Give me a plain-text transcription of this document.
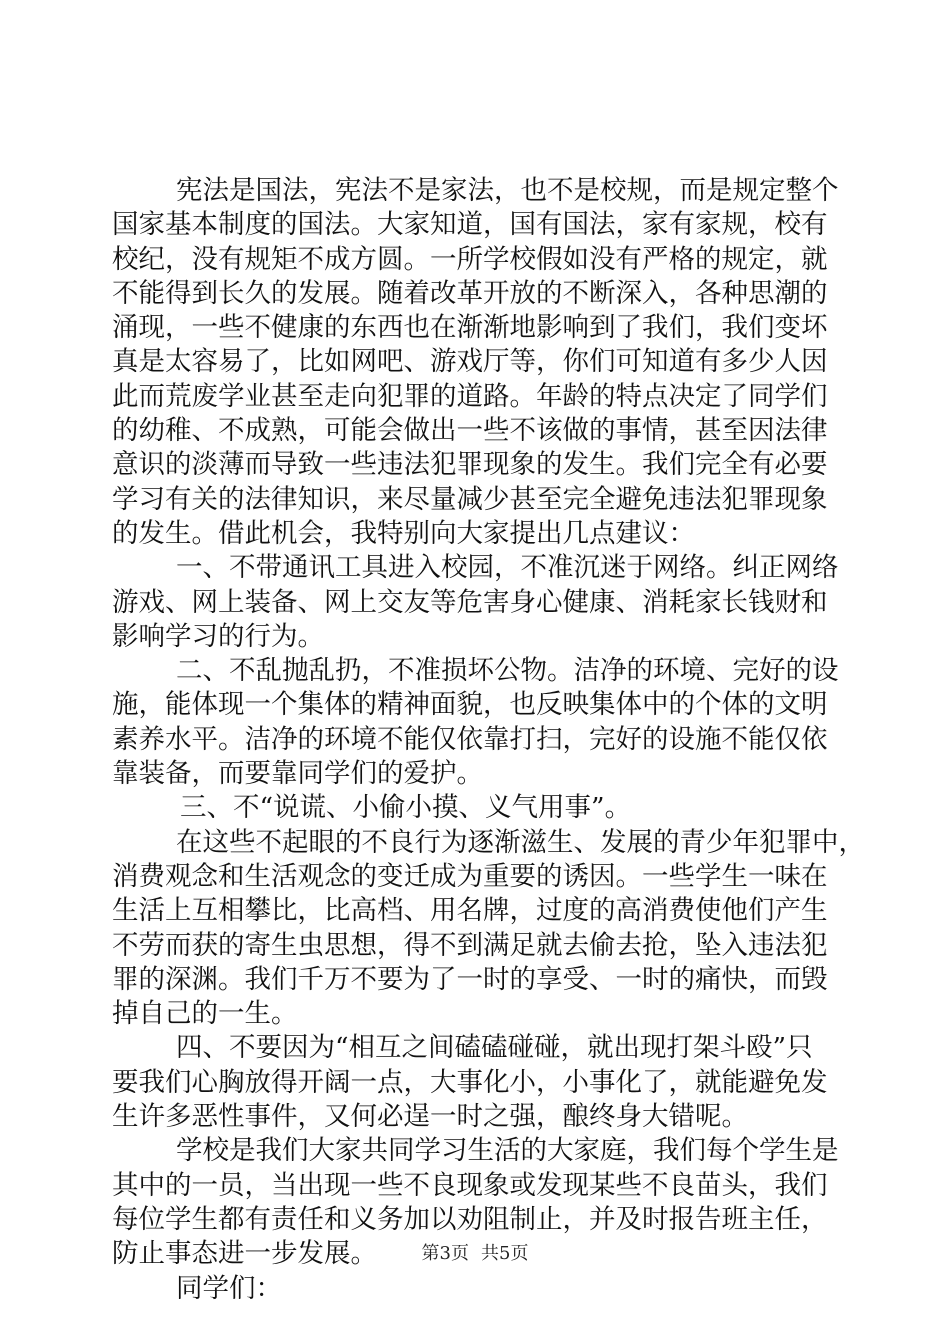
宪法是国法，宪法不是家法，也不是校规，而是规定整个
国家基本制度的国法。大家知道，国有国法，家有家规，校有
校纪，没有规矩不成方圆。一所学校假如没有严格的规定，就
不能得到长久的发展。随着改革开放的不断深入，各种思潮的
涌现，一些不健康的东西也在渐渐地影响到了我们，我们变坏
真是太容易了，比如网吧、游戏厅等，你们可知道有多少人因
此而荒废学业甚至走向犯罪的道路。年龄的特点决定了同学们
的幼稚、不成熟，可能会做出一些不该做的事情，甚至因法律
意识的淡薄而导致一些违法犯罪现象的发生。我们完全有必要
学习有关的法律知识，来尽量减少甚至完全避免违法犯罪现象
的发生。借此机会，我特别向大家提出几点建议：
一、不带通讯工具进入校园，不准沉迷于网络。纠正网络
游戏、网上装备、网上交友等危害身心健康、消耗家长钱财和
影响学习的行为。
二、不乱抛乱扔，不准损坏公物。洁净的环境、完好的设
施，能体现一个集体的精神面貌，也反映集体中的个体的文明
素养水平。洁净的环境不能仅依靠打扫，完好的设施不能仅依
靠装备，而要靠同学们的爱护。
三、不“说谎、小偷小摸、义气用事”。
在这些不起眼的不良行为逐渐滋生、发展的青少年犯罪中，
消费观念和生活观念的变迁成为重要的诱因。一些学生一味在
生活上互相攀比，比高档、用名牌，过度的高消费使他们产生
不劳而获的寄生虫思想，得不到满足就去偷去抢，坠入违法犯
罪的深渊。我们千万不要为了一时的享受、一时的痛快，而毁
掉自己的一生。
四、不要因为“相互之间磕磕碰碰，就出现打架斗殴”只
要我们心胸放得开阔一点，大事化小，小事化了，就能避免发
生许多恶性事件，又何必逞一时之强，酿终身大错呢。
学校是我们大家共同学习生活的大家庭，我们每个学生是
其中的一员，当出现一些不良现象或发现某些不良苗头，我们
每位学生都有责任和义务加以劝阻制止，并及时报告班主任，
防止事态进一步发展。
同学们：
第3页 共5页
